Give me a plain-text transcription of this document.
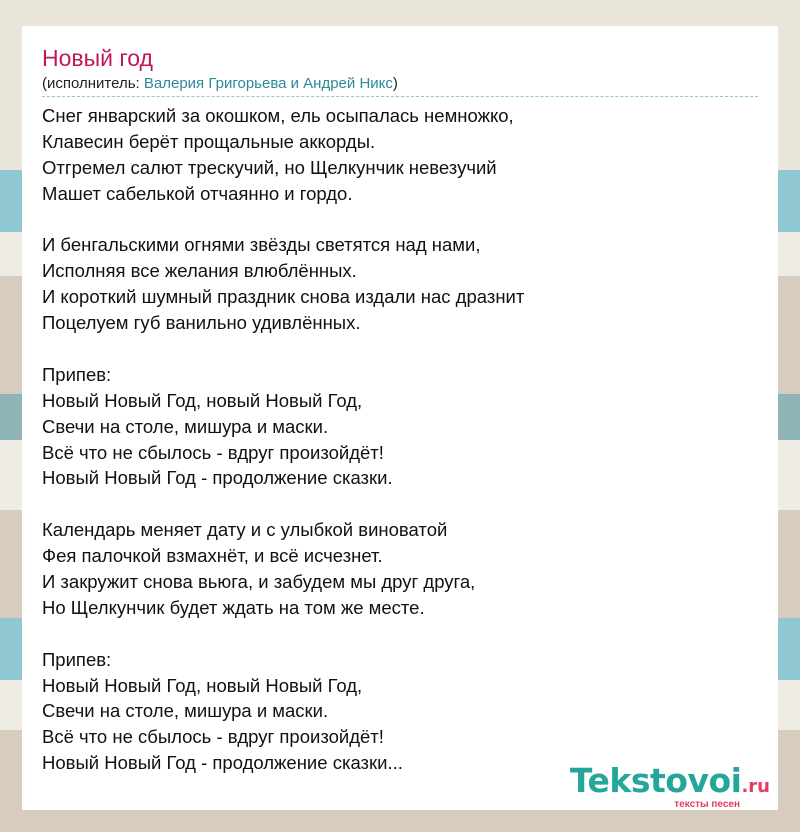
Новый год
(исполнитель: Валерия Григорьева и Андрей Никс)
Снег январский за окошком, ель осыпалась немножко,
Клавесин берёт прощальные аккорды.
Отгремел салют трескучий, но Щелкунчик невезучий
Машет сабелькой отчаянно и гордо.
И бенгальскими огнями звёзды светятся над нами,
Исполняя все желания влюблённых.
И короткий шумный праздник снова издали нас дразнит
Поцелуем губ ванильно удивлённых.
Припев:
Новый Новый Год, новый Новый Год,
Свечи на столе, мишура и маски.
Всё что не сбылось - вдруг произойдёт!
Новый Новый Год - продолжение сказки.
Календарь меняет дату и с улыбкой виноватой
Фея палочкой взмахнёт, и всё исчезнет.
И закружит снова вьюга, и забудем мы друг друга,
Но Щелкунчик будет ждать на том же месте.
Припев:
Новый Новый Год, новый Новый Год,
Свечи на столе, мишура и маски.
Всё что не сбылось - вдруг произойдёт!
Новый Новый Год - продолжение сказки...	Tekstovoi.ru
тексты песен
